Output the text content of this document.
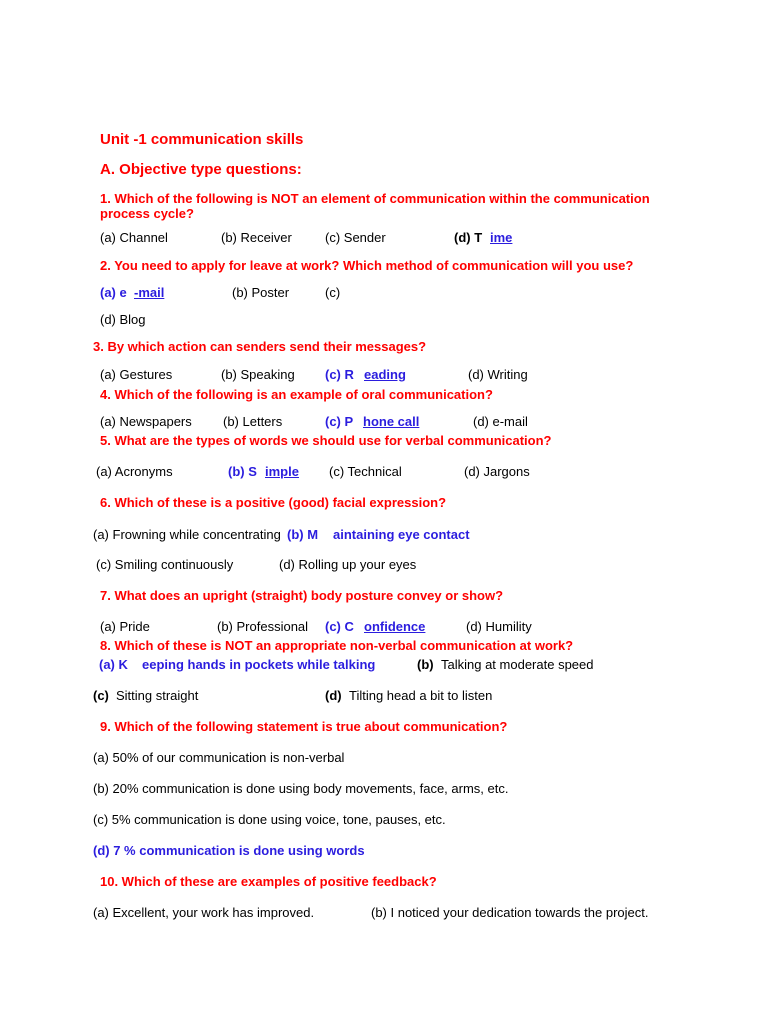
Unit -1 communication skills
A. Objective type questions:
1. Which of the following is NOT an element of communication within the communication
process cycle?
(a) Channel	(b) Receiver	(c) Sender	(d) T ime
2. You need to apply for leave at work? Which method of communication will you use?
(a) e -mail	(b) Poster	(c)
(d) Blog
3. By which action can senders send their messages?
(a) Gestures	(b) Speaking (c) R eading	(d) Writing
4. Which of the following is an example of oral communication?
(a) Newspapers (b) Letters	(c) P hone call	(d) e-mail
5. What are the types of words we should use for verbal communication?
(a) Acronyms	(b) S imple (c) Technical	(d) Jargons
6. Which of these is a positive (good) facial expression?
(a) Frowning while concentrating (b) M aintaining eye contact
(c) Smiling continuously	(d) Rolling up your eyes
7. What does an upright (straight) body posture convey or show?
(a) Pride	(b) Professional (c) C onfidence	(d) Humility
8. Which of these is NOT an appropriate non-verbal communication at work?
(a) K eeping hands in pockets while talking	(b) Talking at moderate speed
(c) Sitting straight	(d) Tilting head a bit to listen
9. Which of the following statement is true about communication?
(a) 50% of our communication is non-verbal
(b) 20% communication is done using body movements, face, arms, etc.
(c) 5% communication is done using voice, tone, pauses, etc.
(d) 7 % communication is done using words
10. Which of these are examples of positive feedback?
(a) Excellent, your work has improved.	(b) I noticed your dedication towards the project.
